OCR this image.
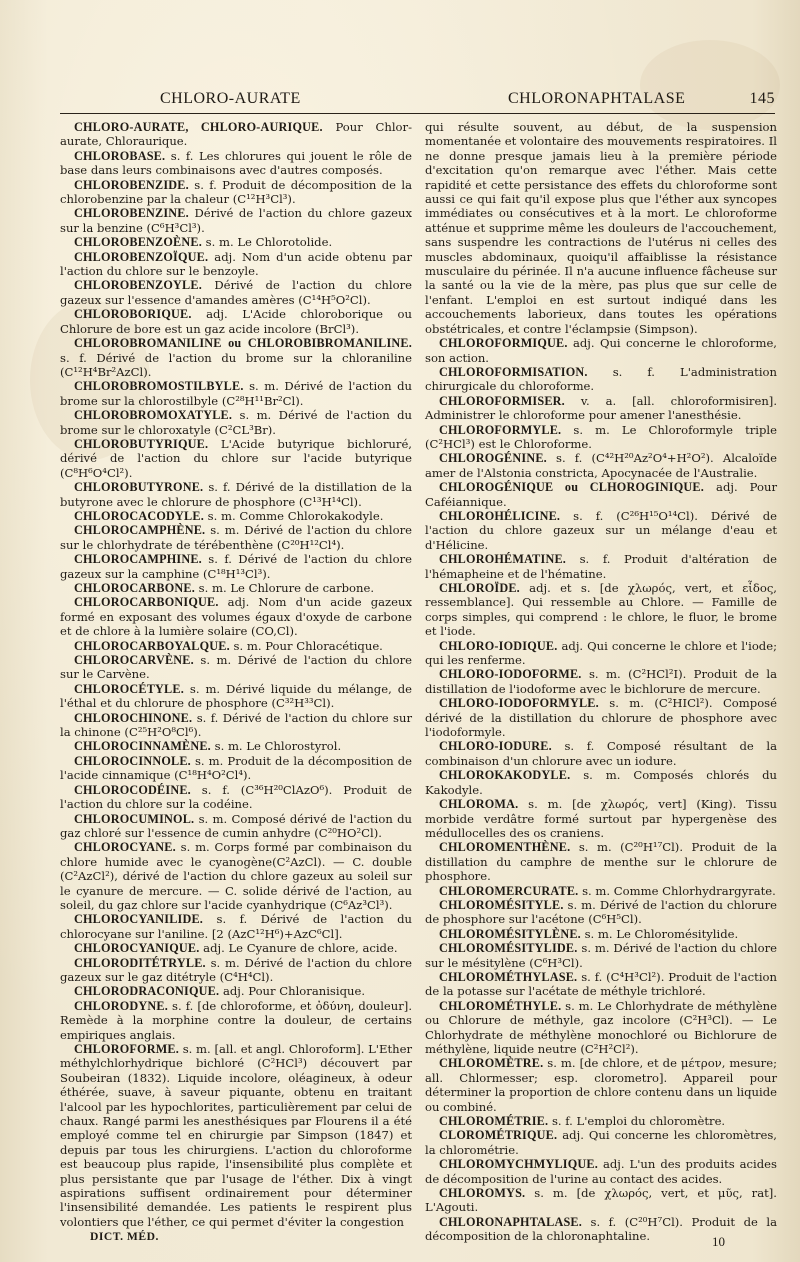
CHLORO-AURATE	CHLORONAPHTALASE	145

CHLORO-AURATE, CHLORO-AURIQUE. Pour Chlor-aurate, Chloraurique.

CHLOROBASE. s. f. Les chlorures qui jouent le rôle de base dans leurs combinaisons avec d'autres composés.

CHLOROBENZIDE. s. f. Produit de décomposition de la chlorobenzine par la chaleur (C¹²H³Cl³).

CHLOROBENZINE. Dérivé de l'action du chlore gazeux sur la benzine (C⁶H³Cl³).

CHLOROBENZOÈNE. s. m. Le Chlorotolide.

CHLOROBENZOÏQUE. adj. Nom d'un acide obtenu par l'action du chlore sur le benzoyle.

CHLOROBENZOYLE. Dérivé de l'action du chlore gazeux sur l'essence d'amandes amères (C¹⁴H⁵O²Cl).

CHLOROBORIQUE. adj. L'Acide chloroborique ou Chlorure de bore est un gaz acide incolore (BrCl³).

CHLOROBROMANILINE ou CHLOROBIBROMANILINE. s. f. Dérivé de l'action du brome sur la chloraniline (C¹²H⁴Br²AzCl).

CHLOROBROMOSTILBYLE. s. m. Dérivé de l'action du brome sur la chlorostilbyle (C²⁸H¹¹Br²Cl).

CHLOROBROMOXATYLE. s. m. Dérivé de l'action du brome sur le chloroxatyle (C²CL³Br).

CHLOROBUTYRIQUE. L'Acide butyrique bichloruré, dérivé de l'action du chlore sur l'acide butyrique (C⁸H⁶O⁴Cl²).

CHLOROBUTYRONE. s. f. Dérivé de la distillation de la butyrone avec le chlorure de phosphore (C¹³H¹⁴Cl).

CHLOROCACODYLE. s. m. Comme Chlorokakodyle.

CHLOROCAMPHÈNE. s. m. Dérivé de l'action du chlore sur le chlorhydrate de térébenthène (C²⁰H¹²Cl⁴).

CHLOROCAMPHINE. s. f. Dérivé de l'action du chlore gazeux sur la camphine (C¹⁸H¹³Cl³).

CHLOROCARBONE. s. m. Le Chlorure de carbone.

CHLOROCARBONIQUE. adj. Nom d'un acide gazeux formé en exposant des volumes égaux d'oxyde de carbone et de chlore à la lumière solaire (CO,Cl).

CHLOROCARBOYALQUE. s. m. Pour Chloracétique.

CHLOROCARVÈNE. s. m. Dérivé de l'action du chlore sur le Carvène.

CHLOROCÉTYLE. s. m. Dérivé liquide du mélange, de l'éthal et du chlorure de phosphore (C³²H³³Cl).

CHLOROCHINONE. s. f. Dérivé de l'action du chlore sur la chinone (C²⁵H²O⁸Cl⁶).

CHLOROCINNAMÈNE. s. m. Le Chlorostyrol.

CHLOROCINNOLE. s. m. Produit de la décomposition de l'acide cinnamique (C¹⁸H⁴O²Cl⁴).

CHLOROCODÉINE. s. f. (C³⁶H²⁰ClAzO⁶). Produit de l'action du chlore sur la codéine.

CHLOROCUMINOL. s. m. Composé dérivé de l'action du gaz chloré sur l'essence de cumin anhydre (C²⁰HO²Cl).

CHLOROCYANE. s. m. Corps formé par combinaison du chlore humide avec le cyanogène(C²AzCl). — C. double (C²AzCl²), dérivé de l'action du chlore gazeux au soleil sur le cyanure de mercure. — C. solide dérivé de l'action, au soleil, du gaz chlore sur l'acide cyanhydrique (C⁶Az³Cl³).

CHLOROCYANILIDE. s. f. Dérivé de l'action du chlorocyane sur l'aniline. [2 (AzC¹²H⁶)+AzC⁶Cl].

CHLOROCYANIQUE. adj. Le Cyanure de chlore, acide.

CHLORODITÉTRYLE. s. m. Dérivé de l'action du chlore gazeux sur le gaz ditétryle (C⁴H⁴Cl).

CHLORODRACONIQUE. adj. Pour Chloranisique.

CHLORODYNE. s. f. [de chloroforme, et ὀδύνη, douleur]. Remède à la morphine contre la douleur, de certains empiriques anglais.

CHLOROFORME. s. m. [all. et angl. Chloroform]. L'Ether méthylchlorhydrique bichloré (C²HCl³) découvert par Soubeiran (1832). Liquide incolore, oléagineux, à odeur éthérée, suave, à saveur piquante, obtenu en traitant l'alcool par les hypochlorites, particulièrement par celui de chaux. Rangé parmi les anesthésiques par Flourens il a été employé comme tel en chirurgie par Simpson (1847) et depuis par tous les chirurgiens. L'action du chloroforme est beaucoup plus rapide, l'insensibilité plus complète et plus persistante que par l'usage de l'éther. Dix à vingt aspirations suffisent ordinairement pour déterminer l'insensibilité demandée. Les patients le respirent plus volontiers que l'éther, ce qui permet d'éviter la congestion

qui résulte souvent, au début, de la suspension momentanée et volontaire des mouvements respiratoires. Il ne donne presque jamais lieu à la première période d'excitation qu'on remarque avec l'éther. Mais cette rapidité et cette persistance des effets du chloroforme sont aussi ce qui fait qu'il expose plus que l'éther aux syncopes immédiates ou consécutives et à la mort. Le chloroforme atténue et supprime même les douleurs de l'accouchement, sans suspendre les contractions de l'utérus ni celles des muscles abdominaux, quoiqu'il affaiblisse la résistance musculaire du périnée. Il n'a aucune influence fâcheuse sur la santé ou la vie de la mère, pas plus que sur celle de l'enfant. L'emploi en est surtout indiqué dans les accouchements laborieux, dans toutes les opérations obstétricales, et contre l'éclampsie (Simpson).

CHLOROFORMIQUE. adj. Qui concerne le chloroforme, son action.

CHLOROFORMISATION. s. f. L'administration chirurgicale du chloroforme.

CHLOROFORMISER. v. a. [all. chloroformisiren]. Administrer le chloroforme pour amener l'anesthésie.

CHLOROFORMYLE. s. m. Le Chloroformyle triple (C²HCl³) est le Chloroforme.

CHLOROGÉNINE. s. f. (C⁴²H²⁰Az²O⁴+H²O²). Alcaloïde amer de l'Alstonia constricta, Apocynacée de l'Australie.

CHLOROGÉNIQUE ou CLHOROGINIQUE. adj. Pour Caféiannique.

CHLOROHÉLICINE. s. f. (C²⁶H¹⁵O¹⁴Cl). Dérivé de l'action du chlore gazeux sur un mélange d'eau et d'Hélicine.

CHLOROHÉMATINE. s. f. Produit d'altération de l'hémapheine et de l'hématine.

CHLOROÏDE. adj. et s. [de χλωρός, vert, et εἶδος, ressemblance]. Qui ressemble au Chlore. — Famille de corps simples, qui comprend : le chlore, le fluor, le brome et l'iode.

CHLORO-IODIQUE. adj. Qui concerne le chlore et l'iode; qui les renferme.

CHLORO-IODOFORME. s. m. (C²HCl²I). Produit de la distillation de l'iodoforme avec le bichlorure de mercure.

CHLORO-IODOFORMYLE. s. m. (C²HICl²). Composé dérivé de la distillation du chlorure de phosphore avec l'iodoformyle.

CHLORO-IODURE. s. f. Composé résultant de la combinaison d'un chlorure avec un iodure.

CHLOROKAKODYLE. s. m. Composés chlorés du Kakodyle.

CHLOROMA. s. m. [de χλωρός, vert] (King). Tissu morbide verdâtre formé surtout par hypergenèse des médullocelles des os craniens.

CHLOROMENTHÈNE. s. m. (C²⁰H¹⁷Cl). Produit de la distillation du camphre de menthe sur le chlorure de phosphore.

CHLOROMERCURATE. s. m. Comme Chlorhydrargyrate.

CHLOROMÉSITYLE. s. m. Dérivé de l'action du chlorure de phosphore sur l'acétone (C⁶H⁵Cl).

CHLOROMÉSITYLÈNE. s. m. Le Chloromésitylide.

CHLOROMÉSITYLIDE. s. m. Dérivé de l'action du chlore sur le mésitylène (C⁶H³Cl).

CHLOROMÉTHYLASE. s. f. (C⁴H³Cl²). Produit de l'action de la potasse sur l'acétate de méthyle trichloré.

CHLOROMÉTHYLE. s. m. Le Chlorhydrate de méthylène ou Chlorure de méthyle, gaz incolore (C²H³Cl). — Le Chlorhydrate de méthylène monochloré ou Bichlorure de méthylène, liquide neutre (C²H²Cl²).

CHLOROMÈTRE. s. m. [de chlore, et de μέτρον, mesure; all. Chlormesser; esp. clorometro]. Appareil pour déterminer la proportion de chlore contenu dans un liquide ou combiné.

CHLOROMÉTRIE. s. f. L'emploi du chloromètre.

CLOROMÉTRIQUE. adj. Qui concerne les chloromètres, la chlorométrie.

CHLOROMYCHMYLIQUE. adj. L'un des produits acides de décomposition de l'urine au contact des acides.

CHLOROMYS. s. m. [de χλωρός, vert, et μῦς, rat]. L'Agouti.

CHLORONAPHTALASE. s. f. (C²⁰H⁷Cl). Produit de la décomposition de la chloronaphtaline.

DICT. MÉD.	10
